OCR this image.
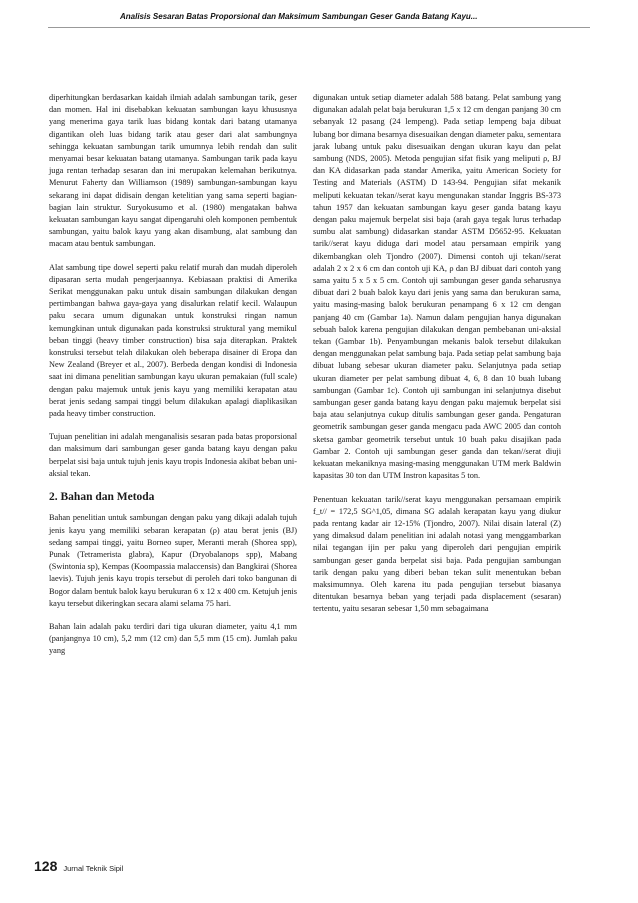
Analisis Sesaran Batas Proporsional dan Maksimum Sambungan Geser Ganda Batang Kayu...

diperhitungkan berdasarkan kaidah ilmiah adalah sambungan tarik, geser dan momen. Hal ini disebabkan kekuatan sambungan kayu khususnya yang menerima gaya tarik luas bidang kontak dari batang utamanya digantikan oleh luas bidang tarik atau geser dari alat sambungnya sehingga kekuatan sambungan tarik umumnya lebih rendah dan sulit menyamai besar kekuatan batang utamanya. Sambungan tarik pada kayu juga rentan terhadap sesaran dan ini merupakan kelemahan berikutnya. Menurut Faherty dan Williamson (1989) sambungan-sambungan kayu sekarang ini dapat didisain dengan ketelitian yang sama seperti bagian-bagian lain struktur. Suryokusumo et al. (1980) mengatakan bahwa kekuatan sambungan kayu sangat dipengaruhi oleh komponen pembentuk sambungan, yaitu balok kayu yang akan disambung, alat sambung dan macam atau bentuk sambungan.

Alat sambung tipe dowel seperti paku relatif murah dan mudah diperoleh dipasaran serta mudah pengerjaannya. Kebiasaan praktisi di Amerika Serikat menggunakan paku untuk disain sambungan dilakukan dengan pertimbangan bahwa gaya-gaya yang disalurkan relatif kecil. Walaupun paku secara umum digunakan untuk konstruksi ringan namun kemungkinan untuk digunakan pada konstruksi struktural yang memikul beban tinggi (heavy timber construction) bisa saja diterapkan. Praktek konstruksi tersebut telah dilakukan oleh beberapa disainer di Eropa dan New Zealand (Breyer et al., 2007). Berbeda dengan kondisi di Indonesia saat ini dimana penelitian sambungan kayu ukuran pemakaian (full scale) dengan paku majemuk untuk jenis kayu yang memiliki kerapatan atau berat jenis sedang sampai tinggi belum dilakukan apalagi diaplikasikan pada heavy timber construction.

Tujuan penelitian ini adalah menganalisis sesaran pada batas proporsional dan maksimum dari sambungan geser ganda batang kayu dengan paku berpelat sisi baja untuk tujuh jenis kayu tropis Indonesia akibat beban uni-aksial tekan.

2. Bahan dan Metoda

Bahan penelitian untuk sambungan dengan paku yang dikaji adalah tujuh jenis kayu yang memiliki sebaran kerapatan (ρ) atau berat jenis (BJ) sedang sampai tinggi, yaitu Borneo super, Meranti merah (Shorea spp), Punak (Tetramerista glabra), Kapur (Dryobalanops spp), Mabang (Swintonia sp), Kempas (Koompassia malaccensis) dan Bangkirai (Shorea laevis). Tujuh jenis kayu tropis tersebut di peroleh dari toko bangunan di Bogor dalam bentuk balok kayu berukuran 6 x 12 x 400 cm. Ketujuh jenis kayu tersebut dikeringkan secara alami selama 75 hari.

Bahan lain adalah paku terdiri dari tiga ukuran diameter, yaitu 4,1 mm (panjangnya 10 cm), 5,2 mm (12 cm) dan 5,5 mm (15 cm). Jumlah paku yang

digunakan untuk setiap diameter adalah 588 batang. Pelat sambung yang digunakan adalah pelat baja berukuran 1,5 x 12 cm dengan panjang 30 cm sebanyak 12 pasang (24 lempeng). Pada setiap lempeng baja dibuat lubang bor dimana besarnya disesuaikan dengan diameter paku, sementara jarak lubang untuk paku disesuaikan dengan ukuran kayu dan pelat sambung (NDS, 2005). Metoda pengujian sifat fisik yang meliputi ρ, BJ dan KA didasarkan pada standar Amerika, yaitu American Society for Testing and Materials (ASTM) D 143-94. Pengujian sifat mekanik meliputi kekuatan tekan//serat kayu mengunakan standar Inggris BS-373 tahun 1957 dan kekuatan sambungan kayu geser ganda batang kayu dengan paku majemuk berpelat sisi baja (arah gaya tegak lurus terhadap sumbu alat sambung) didasarkan standar ASTM D5652-95. Kekuatan tarik//serat kayu diduga dari model atau persamaan empirik yang dikembangkan oleh Tjondro (2007). Dimensi contoh uji tekan//serat adalah 2 x 2 x 6 cm dan contoh uji KA, ρ dan BJ dibuat dari contoh yang sama yaitu 5 x 5 x 5 cm. Contoh uji sambungan geser ganda seharusnya dibuat dari 2 buah balok kayu dari jenis yang sama dan berukuran sama, yaitu masing-masing balok berukuran penampang 6 x 12 cm dengan panjang 40 cm (Gambar 1a). Namun dalam pengujian hanya digunakan sebuah balok karena pengujian dilakukan dengan pembebanan uni-aksial tekan (Gambar 1b). Penyambungan mekanis balok tersebut dilakukan dengan menggunakan pelat sambung baja. Pada setiap pelat sambung baja dibuat lubang sebesar ukuran diameter paku. Selanjutnya pada setiap ukuran diameter per pelat sambung dibuat 4, 6, 8 dan 10 buah lubang sambungan (Gambar 1c). Contoh uji sambungan ini selanjutnya disebut sambungan geser ganda batang kayu dengan paku majemuk berpelat sisi baja atau selanjutnya cukup ditulis sambungan geser ganda. Pengaturan geometrik sambungan geser ganda mengacu pada AWC 2005 dan contoh sketsa gambar geometrik tersebut untuk 10 buah paku disajikan pada Gambar 2. Contoh uji sambungan geser ganda dan tekan//serat diuji kekuatan mekaniknya masing-masing menggunakan UTM merk Baldwin kapasitas 30 ton dan UTM Instron kapasitas 5 ton.

Penentuan kekuatan tarik//serat kayu menggunakan persamaan empirik f_t// = 172,5 SG^1,05, dimana SG adalah kerapatan kayu yang diukur pada rentang kadar air 12-15% (Tjondro, 2007). Nilai disain lateral (Z) yang dimaksud dalam penelitian ini adalah notasi yang menggambarkan nilai tegangan ijin per paku yang diperoleh dari pengujian empirik sambungan geser ganda berpelat sisi baja. Pada pengujian sambungan tarik dengan paku yang diberi beban tekan sulit menentukan beban maksimumnya. Oleh karena itu pada pengujian tersebut biasanya ditentukan besarnya beban yang terjadi pada displacement (sesaran) tertentu, yaitu sesaran sebesar 1,50 mm sebagaimana

128 Jurnal Teknik Sipil
